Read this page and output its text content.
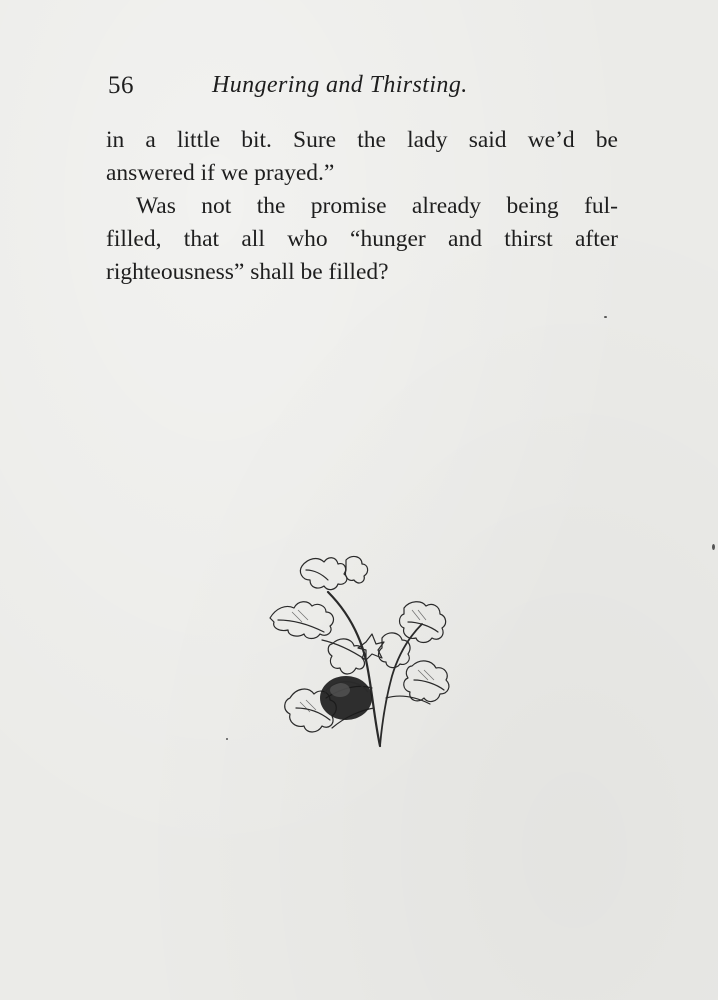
56	Hungering and Thirsting.
in a little bit. Sure the lady said we’d be
answered if we prayed.”
Was not the promise already being ful-
filled, that all who “hunger and thirst after
righteousness” shall be filled?
